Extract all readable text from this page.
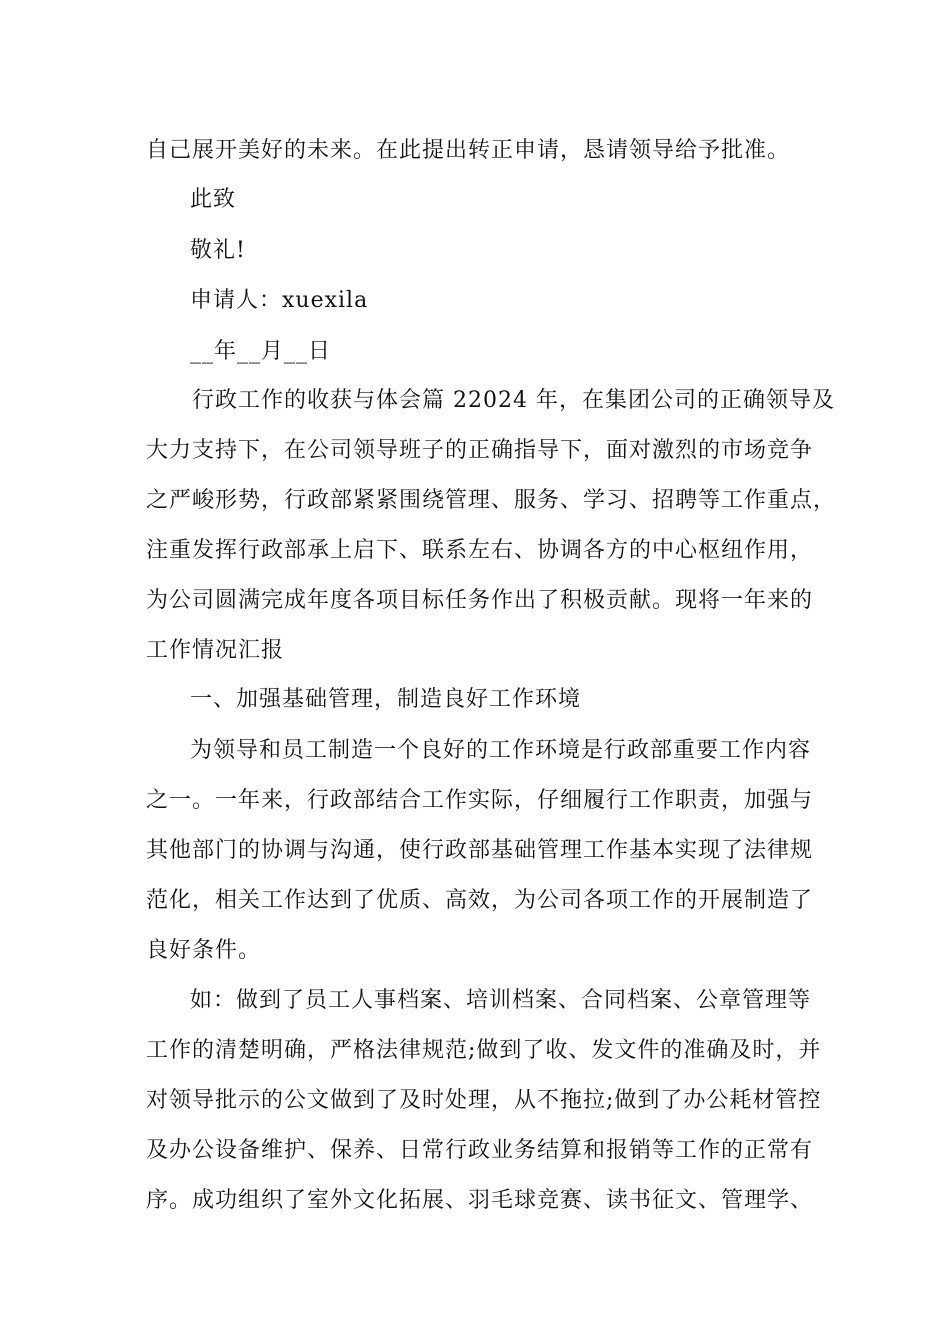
自己展开美好的未来。在此提出转正申请，恳请领导给予批准。
此致
敬礼!
申请人：xuexila
__年__月__日
行政工作的收获与体会篇 22024 年，在集团公司的正确领导及
大力支持下，在公司领导班子的正确指导下，面对激烈的市场竞争
之严峻形势，行政部紧紧围绕管理、服务、学习、招聘等工作重点，
注重发挥行政部承上启下、联系左右、协调各方的中心枢纽作用，
为公司圆满完成年度各项目标任务作出了积极贡献。现将一年来的
工作情况汇报
一、加强基础管理，制造良好工作环境
为领导和员工制造一个良好的工作环境是行政部重要工作内容
之一。一年来，行政部结合工作实际，仔细履行工作职责，加强与
其他部门的协调与沟通，使行政部基础管理工作基本实现了法律规
范化，相关工作达到了优质、高效，为公司各项工作的开展制造了
良好条件。
如：做到了员工人事档案、培训档案、合同档案、公章管理等
工作的清楚明确，严格法律规范;做到了收、发文件的准确及时，并
对领导批示的公文做到了及时处理，从不拖拉;做到了办公耗材管控
及办公设备维护、保养、日常行政业务结算和报销等工作的正常有
序。成功组织了室外文化拓展、羽毛球竞赛、读书征文、管理学、
